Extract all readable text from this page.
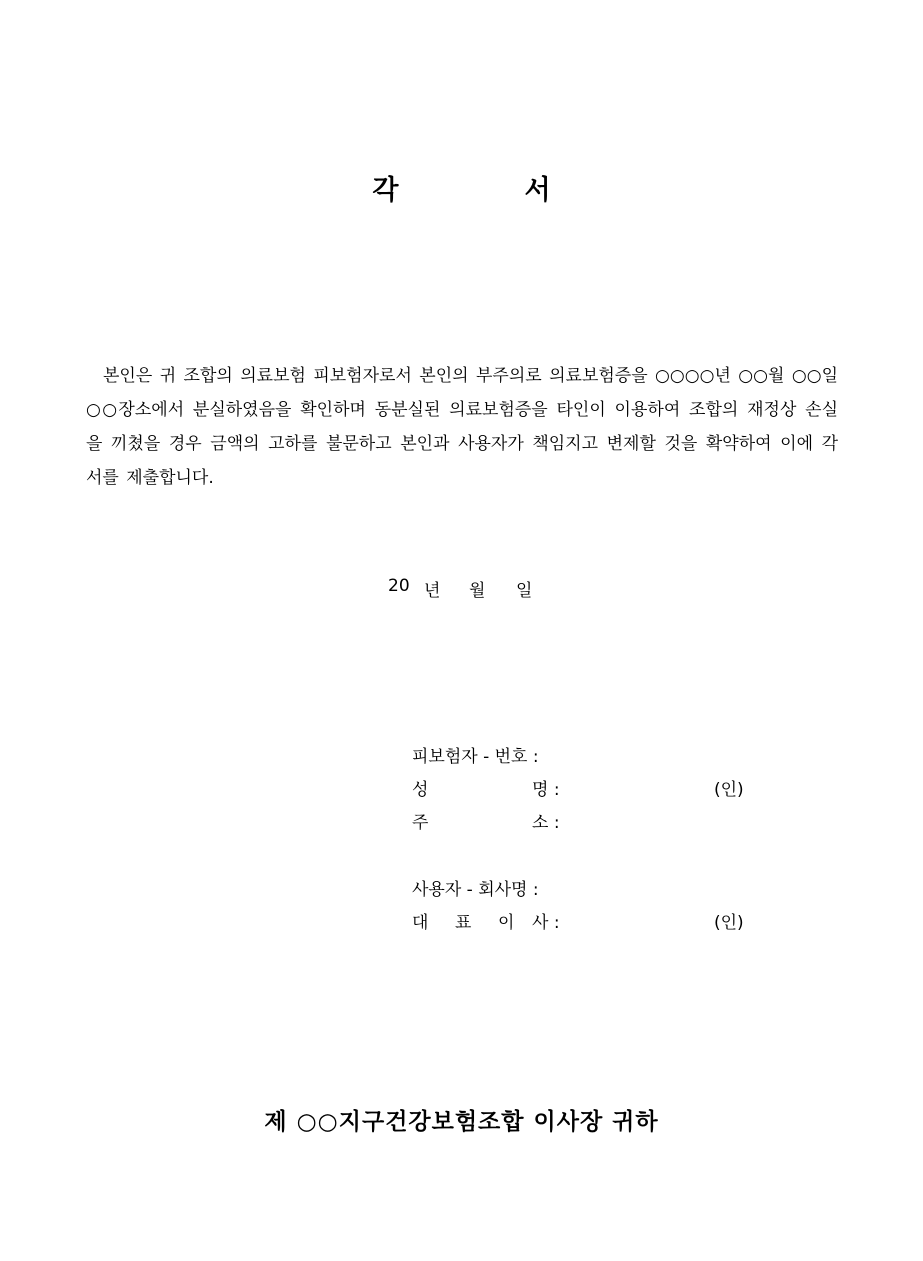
각	서

본인은 귀 조합의 의료보험 피보험자로서 본인의 부주의로 의료보험증을 ○○○○년 ○○월 ○○일 ○○장소에서 분실하였음을 확인하며 동분실된 의료보험증을 타인이 이용하여 조합의 재정상 손실을 끼쳤을 경우 금액의 고하를 불문하고 본인과 사용자가 책임지고 변제할 것을 확약하여 이에 각서를 제출합니다.

20 년 월 일
피보험자 - 번호 :
성	명 :	(인)
주	소 :
사용자 - 회사명 :
대 표 이 사 :	(인)
제 ○○지구건강보험조합 이사장 귀하
